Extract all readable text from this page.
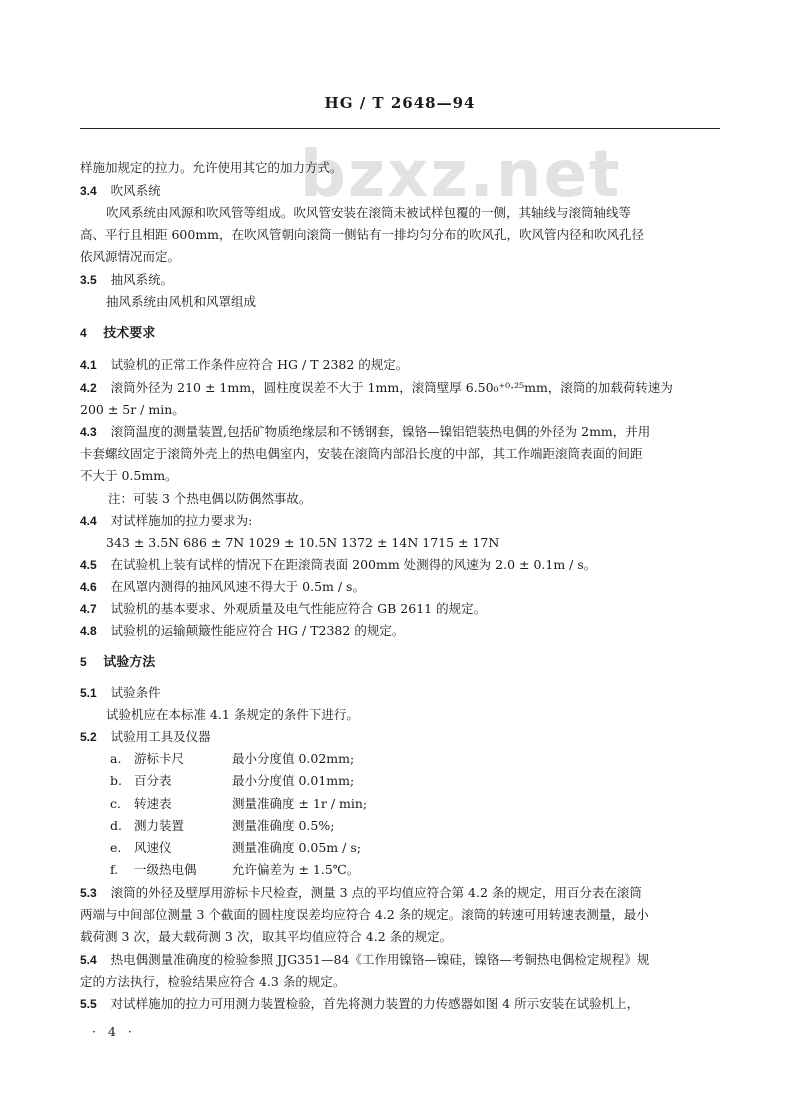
HG / T 2648—94
bzxz.net
样施加规定的拉力。允许使用其它的加力方式。
3.4 吹风系统
吹风系统由风源和吹风管等组成。吹风管安装在滚筒未被试样包覆的一侧，其轴线与滚筒轴线等
高、平行且相距 600mm，在吹风管朝向滚筒一侧钻有一排均匀分布的吹风孔，吹风管内径和吹风孔径
依风源情况而定。
3.5 抽风系统。
抽风系统由风机和风罩组成
4 技术要求
4.1 试验机的正常工作条件应符合 HG / T 2382 的规定。
4.2 滚筒外径为 210 ± 1mm，圆柱度误差不大于 1mm，滚筒壁厚 6.50₀⁺⁰·²⁵mm，滚筒的加载荷转速为
200 ± 5r / min。
4.3 滚筒温度的测量装置,包括矿物质绝缘层和不锈钢套，镍铬—镍铝铠装热电偶的外径为 2mm，并用
卡套螺纹固定于滚筒外壳上的热电偶室内，安装在滚筒内部沿长度的中部，其工作端距滚筒表面的间距
不大于 0.5mm。
注：可装 3 个热电偶以防偶然事故。
4.4 对试样施加的拉力要求为:
343 ± 3.5N 686 ± 7N 1029 ± 10.5N 1372 ± 14N 1715 ± 17N
4.5 在试验机上装有试样的情况下在距滚筒表面 200mm 处测得的风速为 2.0 ± 0.1m / s。
4.6 在风罩内测得的抽风风速不得大于 0.5m / s。
4.7 试验机的基本要求、外观质量及电气性能应符合 GB 2611 的规定。
4.8 试验机的运输颠簸性能应符合 HG / T2382 的规定。
5 试验方法
5.1 试验条件
试验机应在本标准 4.1 条规定的条件下进行。
5.2 试验用工具及仪器
a. 游标卡尺	最小分度值 0.02mm;
b. 百分表	最小分度值 0.01mm;
c. 转速表	测量准确度 ± 1r / min;
d. 测力装置	测量准确度 0.5%;
e. 风速仪	测量准确度 0.05m / s;
f. 一级热电偶	允许偏差为 ± 1.5℃。
5.3 滚筒的外径及壁厚用游标卡尺检查，测量 3 点的平均值应符合第 4.2 条的规定，用百分表在滚筒
两端与中间部位测量 3 个截面的圆柱度误差均应符合 4.2 条的规定。滚筒的转速可用转速表测量，最小
载荷测 3 次，最大载荷测 3 次，取其平均值应符合 4.2 条的规定。
5.4 热电偶测量准确度的检验参照 JJG351—84《工作用镍铬—镍硅，镍铬—考铜热电偶检定规程》规
定的方法执行，检验结果应符合 4.3 条的规定。
5.5 对试样施加的拉力可用测力装置检验，首先将测力装置的力传感器如图 4 所示安装在试验机上，
· 4 ·
